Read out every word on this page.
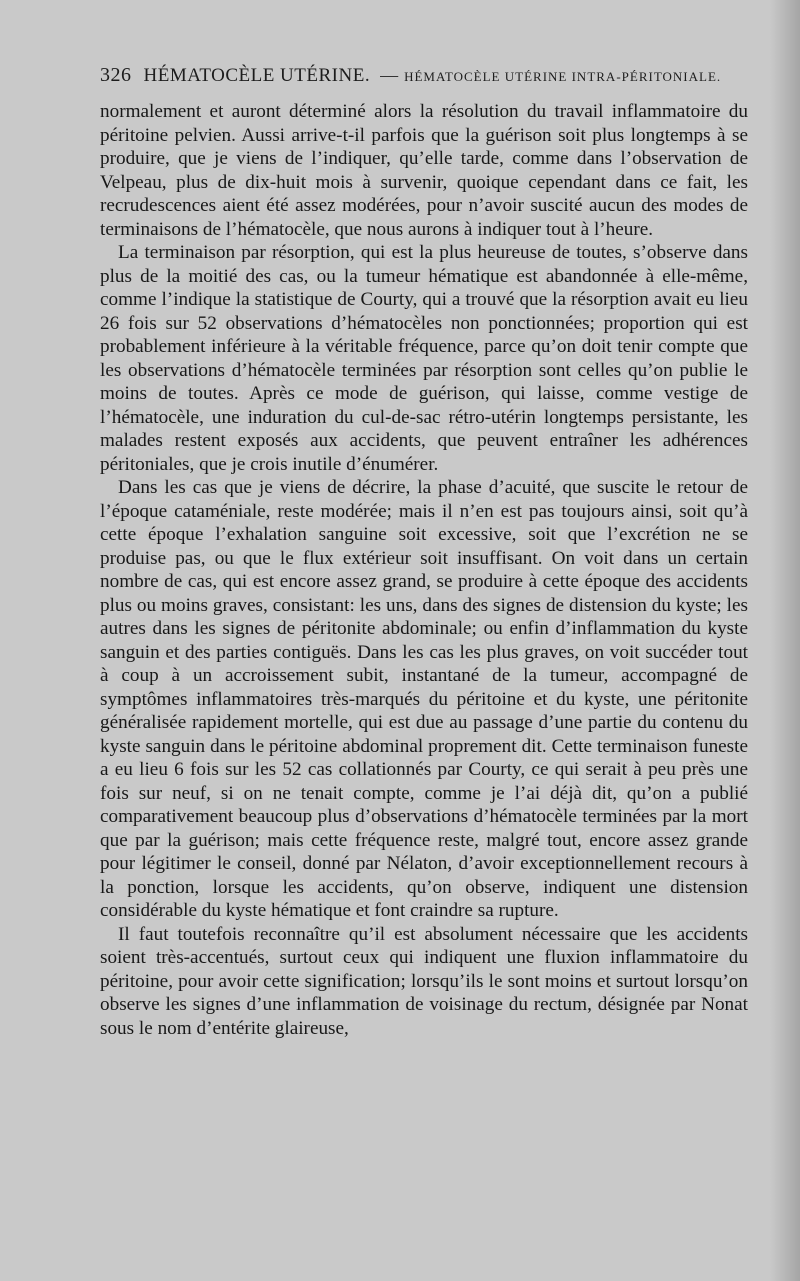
326 HÉMATOCÈLE UTÉRINE. — HÉMATOCÈLE UTÉRINE INTRA-PÉRITONIALE.

normalement et auront déterminé alors la résolution du travail inflammatoire du péritoine pelvien. Aussi arrive-t-il parfois que la guérison soit plus longtemps à se produire, que je viens de l’indiquer, qu’elle tarde, comme dans l’observation de Velpeau, plus de dix-huit mois à survenir, quoique cependant dans ce fait, les recrudescences aient été assez modérées, pour n’avoir suscité aucun des modes de terminaisons de l’hématocèle, que nous aurons à indiquer tout à l’heure.

La terminaison par résorption, qui est la plus heureuse de toutes, s’observe dans plus de la moitié des cas, ou la tumeur hématique est abandonnée à elle-même, comme l’indique la statistique de Courty, qui a trouvé que la résorption avait eu lieu 26 fois sur 52 observations d’hématocèles non ponctionnées; proportion qui est probablement inférieure à la véritable fréquence, parce qu’on doit tenir compte que les observations d’hématocèle terminées par résorption sont celles qu’on publie le moins de toutes. Après ce mode de guérison, qui laisse, comme vestige de l’hématocèle, une induration du cul-de-sac rétro-utérin longtemps persistante, les malades restent exposés aux accidents, que peuvent entraîner les adhérences péritoniales, que je crois inutile d’énumérer.

Dans les cas que je viens de décrire, la phase d’acuité, que suscite le retour de l’époque cataméniale, reste modérée; mais il n’en est pas toujours ainsi, soit qu’à cette époque l’exhalation sanguine soit excessive, soit que l’excrétion ne se produise pas, ou que le flux extérieur soit insuffisant. On voit dans un certain nombre de cas, qui est encore assez grand, se produire à cette époque des accidents plus ou moins graves, consistant: les uns, dans des signes de distension du kyste; les autres dans les signes de péritonite abdominale; ou enfin d’inflammation du kyste sanguin et des parties contiguës. Dans les cas les plus graves, on voit succéder tout à coup à un accroissement subit, instantané de la tumeur, accompagné de symptômes inflammatoires très-marqués du péritoine et du kyste, une péritonite généralisée rapidement mortelle, qui est due au passage d’une partie du contenu du kyste sanguin dans le péritoine abdominal proprement dit. Cette terminaison funeste a eu lieu 6 fois sur les 52 cas collationnés par Courty, ce qui serait à peu près une fois sur neuf, si on ne tenait compte, comme je l’ai déjà dit, qu’on a publié comparativement beaucoup plus d’observations d’hématocèle terminées par la mort que par la guérison; mais cette fréquence reste, malgré tout, encore assez grande pour légitimer le conseil, donné par Nélaton, d’avoir exceptionnellement recours à la ponction, lorsque les accidents, qu’on observe, indiquent une distension considérable du kyste hématique et font craindre sa rupture.

Il faut toutefois reconnaître qu’il est absolument nécessaire que les accidents soient très-accentués, surtout ceux qui indiquent une fluxion inflammatoire du péritoine, pour avoir cette signification; lorsqu’ils le sont moins et surtout lorsqu’on observe les signes d’une inflammation de voisinage du rectum, désignée par Nonat sous le nom d’entérite glaireuse,
